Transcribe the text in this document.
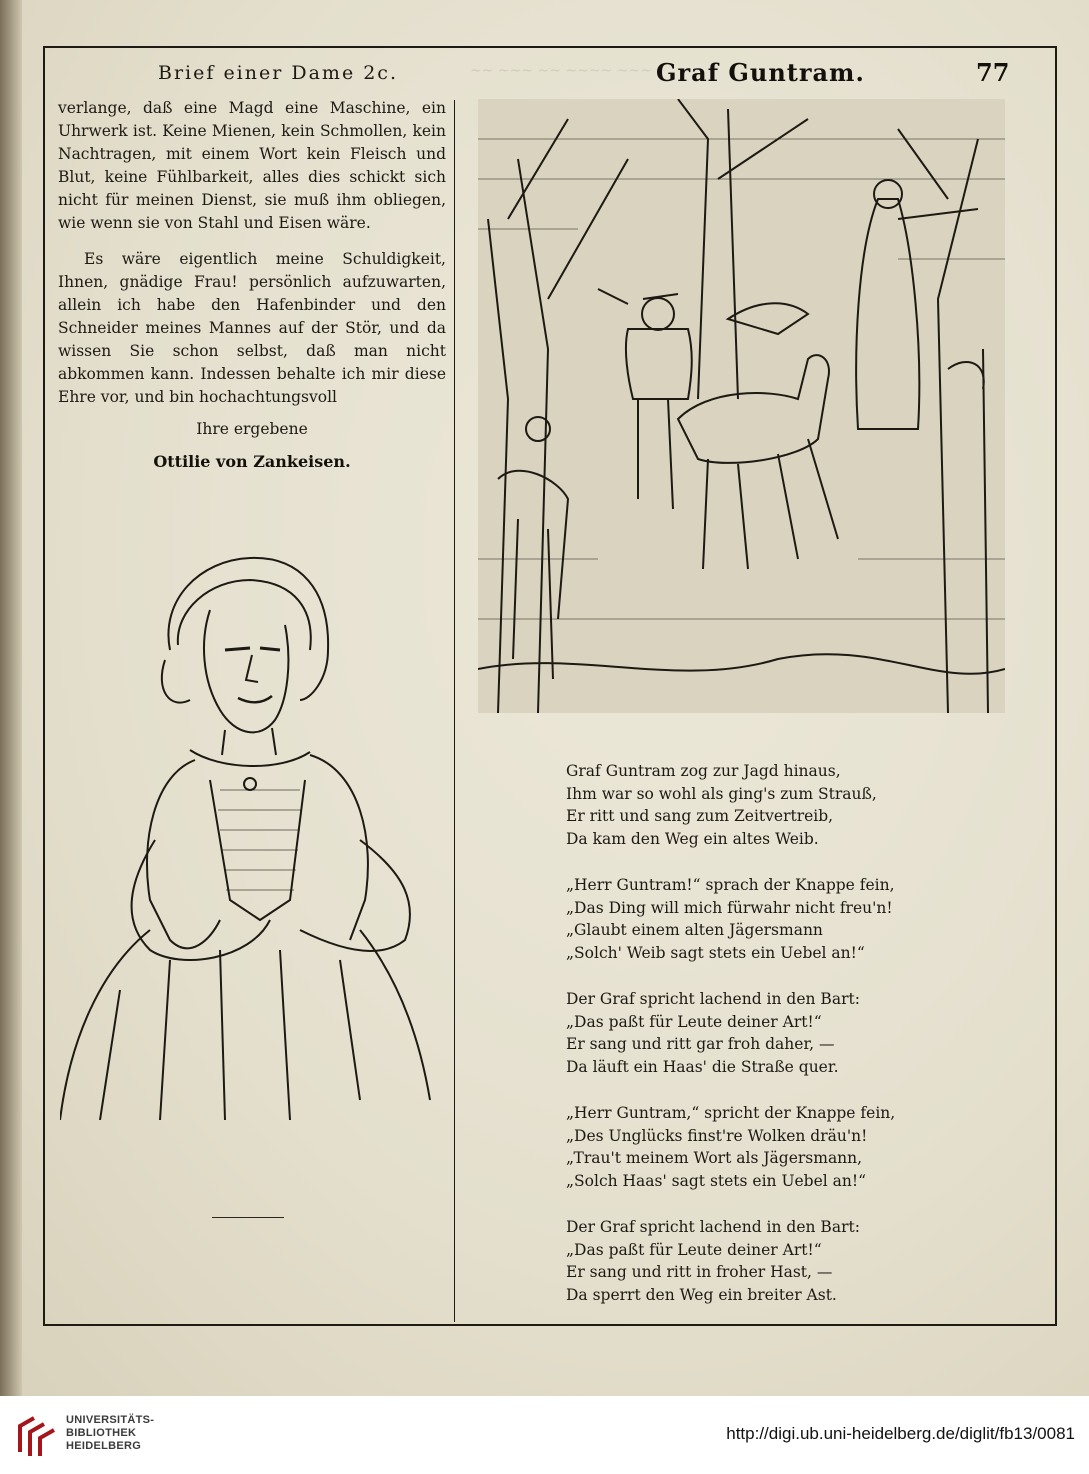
~~ ~~~ ~~ ~~~~ ~~~
Brief einer Dame 2c.	Graf Guntram.	77

verlange, daß eine Magd eine Maschine, ein Uhrwerk ist. Keine Mienen, kein Schmollen, kein Nachtragen, mit einem Wort kein Fleisch und Blut, keine Fühlbarkeit, alles dies schickt sich nicht für meinen Dienst, sie muß ihm obliegen, wie wenn sie von Stahl und Eisen wäre.

Es wäre eigentlich meine Schuldigkeit, Ihnen, gnädige Frau! persönlich aufzuwarten, allein ich habe den Hafenbinder und den Schneider meines Mannes auf der Stör, und da wissen Sie schon selbst, daß man nicht abkommen kann. Indessen behalte ich mir diese Ehre vor, und bin hochachtungsvoll

Ihre ergebene
Ottilie von Zankeisen.
Graf Guntram zog zur Jagd hinaus,
Ihm war so wohl als ging's zum Strauß,
Er ritt und sang zum Zeitvertreib,
Da kam den Weg ein altes Weib.
„Herr Guntram!“ sprach der Knappe fein,
„Das Ding will mich fürwahr nicht freu'n!
„Glaubt einem alten Jägersmann
„Solch' Weib sagt stets ein Uebel an!“
Der Graf spricht lachend in den Bart:
„Das paßt für Leute deiner Art!“
Er sang und ritt gar froh daher, —
Da läuft ein Haas' die Straße quer.
„Herr Guntram,“ spricht der Knappe fein,
„Des Unglücks finst're Wolken dräu'n!
„Trau't meinem Wort als Jägersmann,
„Solch Haas' sagt stets ein Uebel an!“
Der Graf spricht lachend in den Bart:
„Das paßt für Leute deiner Art!“
Er sang und ritt in froher Hast, —
Da sperrt den Weg ein breiter Ast.
UNIVERSITÄTS-
BIBLIOTHEK
HEIDELBERG
http://digi.ub.uni-heidelberg.de/diglit/fb13/0081
